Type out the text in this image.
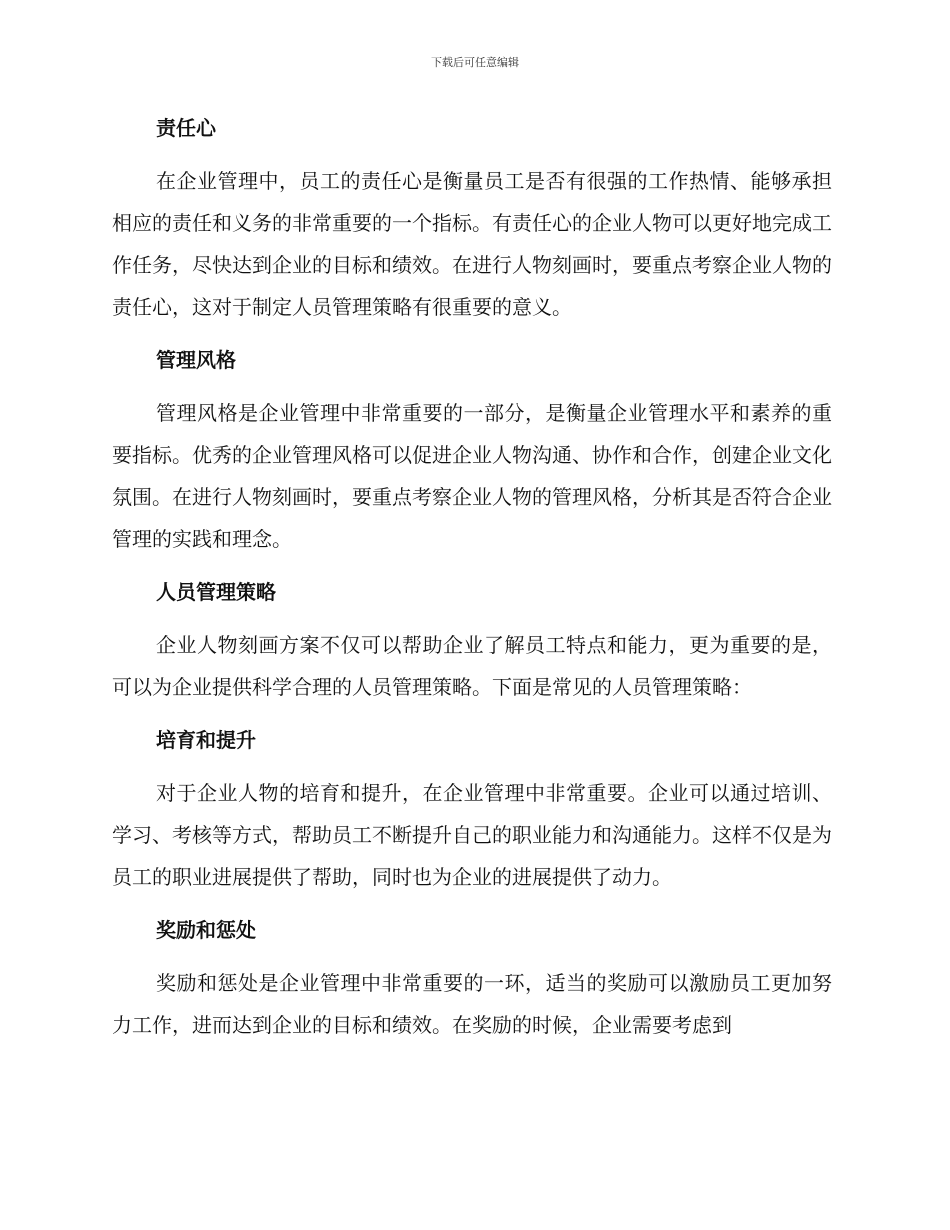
下载后可任意编辑
责任心

在企业管理中，员工的责任心是衡量员工是否有很强的工作热情、能够承担相应的责任和义务的非常重要的一个指标。有责任心的企业人物可以更好地完成工作任务，尽快达到企业的目标和绩效。在进行人物刻画时，要重点考察企业人物的责任心，这对于制定人员管理策略有很重要的意义。

管理风格

管理风格是企业管理中非常重要的一部分，是衡量企业管理水平和素养的重要指标。优秀的企业管理风格可以促进企业人物沟通、协作和合作，创建企业文化氛围。在进行人物刻画时，要重点考察企业人物的管理风格，分析其是否符合企业管理的实践和理念。

人员管理策略

企业人物刻画方案不仅可以帮助企业了解员工特点和能力，更为重要的是，可以为企业提供科学合理的人员管理策略。下面是常见的人员管理策略：

培育和提升

对于企业人物的培育和提升，在企业管理中非常重要。企业可以通过培训、学习、考核等方式，帮助员工不断提升自己的职业能力和沟通能力。这样不仅是为员工的职业进展提供了帮助，同时也为企业的进展提供了动力。

奖励和惩处

奖励和惩处是企业管理中非常重要的一环，适当的奖励可以激励员工更加努力工作，进而达到企业的目标和绩效。在奖励的时候，企业需要考虑到
